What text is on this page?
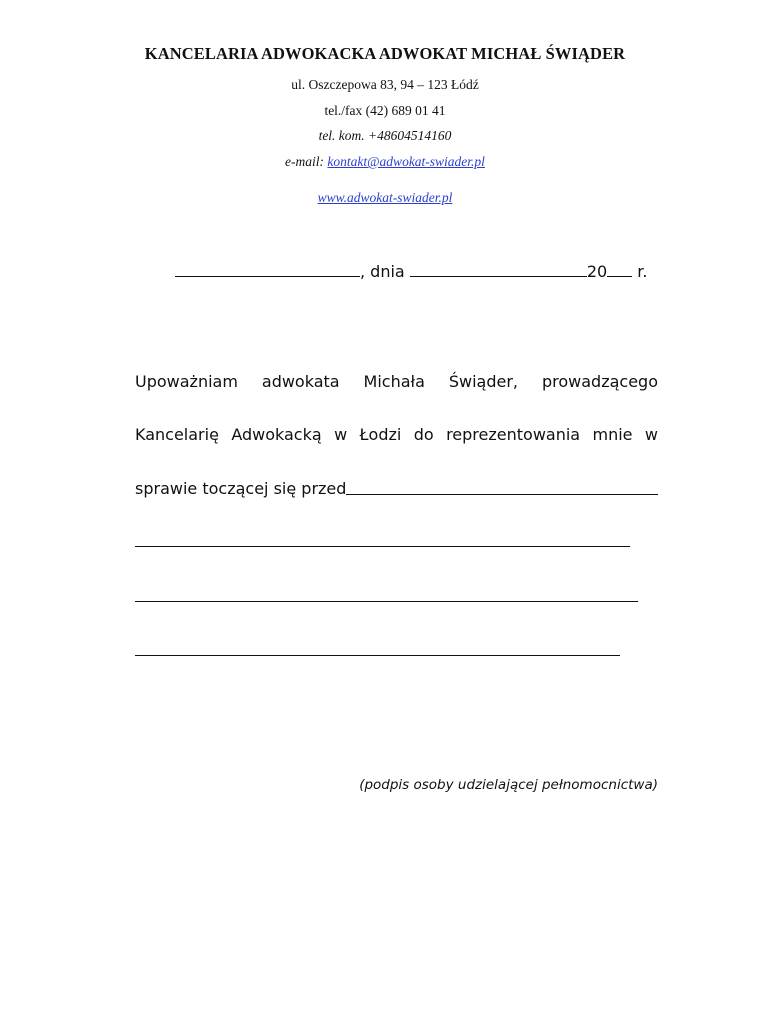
KANCELARIA ADWOKACKA ADWOKAT MICHAŁ ŚWIĄDER
ul. Oszczepowa 83, 94 – 123 Łódź
tel./fax (42) 689 01 41
tel. kom. +48604514160
e-mail: kontakt@adwokat-swiader.pl
www.adwokat-swiader.pl
, dnia	20 r.
Upoważniam adwokata Michała Świąder, prowadzącego
Kancelarię Adwokacką w Łodzi do reprezentowania mnie w
sprawie toczącej się przed
(podpis osoby udzielającej pełnomocnictwa)
